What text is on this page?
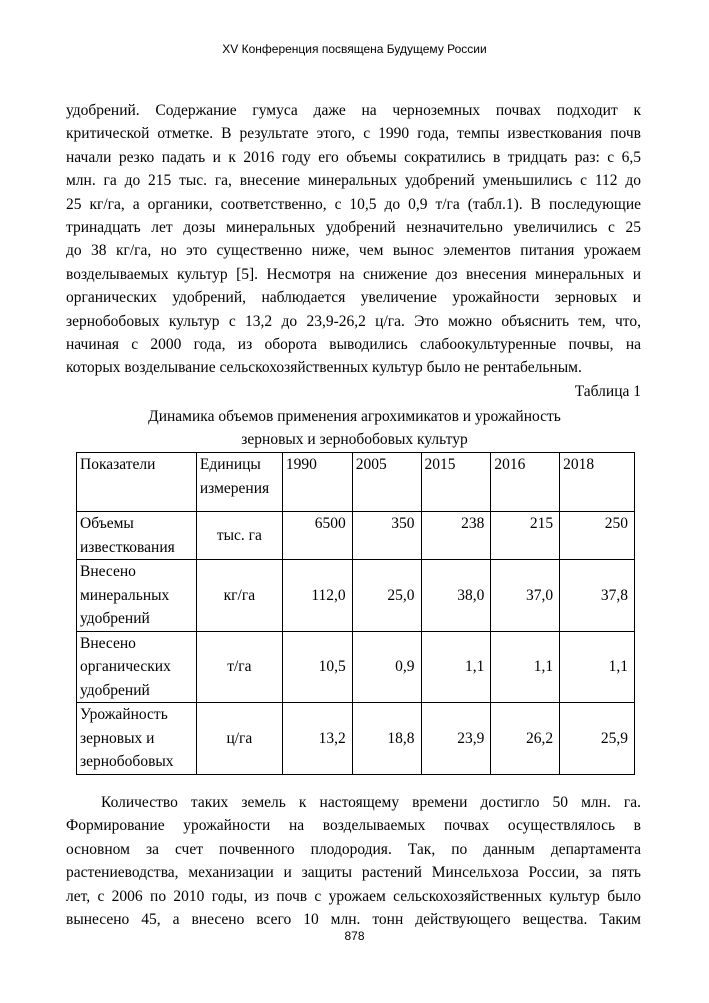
XV Конференция посвящена Будущему России
удобрений. Содержание гумуса даже на черноземных почвах подходит к
критической отметке. В результате этого, с 1990 года, темпы известкования почв
начали резко падать и к 2016 году его объемы сократились в тридцать раз: с 6,5
млн. га до 215 тыс. га, внесение минеральных удобрений уменьшились с 112 до
25 кг/га, а органики, соответственно, с 10,5 до 0,9 т/га (табл.1). В последующие
тринадцать лет дозы минеральных удобрений незначительно увеличились с 25
до 38 кг/га, но это существенно ниже, чем вынос элементов питания урожаем
возделываемых культур [5]. Несмотря на снижение доз внесения минеральных и
органических удобрений, наблюдается увеличение урожайности зерновых и
зернобобовых культур с 13,2 до 23,9-26,2 ц/га. Это можно объяснить тем, что,
начиная с 2000 года, из оборота выводились слабоокультуренные почвы, на
которых возделывание сельскохозяйственных культур было не рентабельным.
Таблица 1
Динамика объемов применения агрохимикатов и урожайность
зерновых и зернобобовых культур
Показатели	Единицы измерения	1990	2005	2015	2016	2018
Объемы известкования	тыс. га	6500	350	238	215	250
Внесено минеральных удобрений	кг/га	112,0	25,0	38,0	37,0	37,8
Внесено органических удобрений	т/га	10,5	0,9	1,1	1,1	1,1
Урожайность зерновых и зернобобовых	ц/га	13,2	18,8	23,9	26,2	25,9
Количество таких земель к настоящему времени достигло 50 млн. га.
Формирование урожайности на возделываемых почвах осуществлялось в
основном за счет почвенного плодородия. Так, по данным департамента
растениеводства, механизации и защиты растений Минсельхоза России, за пять
лет, с 2006 по 2010 годы, из почв с урожаем сельскохозяйственных культур было
вынесено 45, а внесено всего 10 млн. тонн действующего вещества. Таким
878
